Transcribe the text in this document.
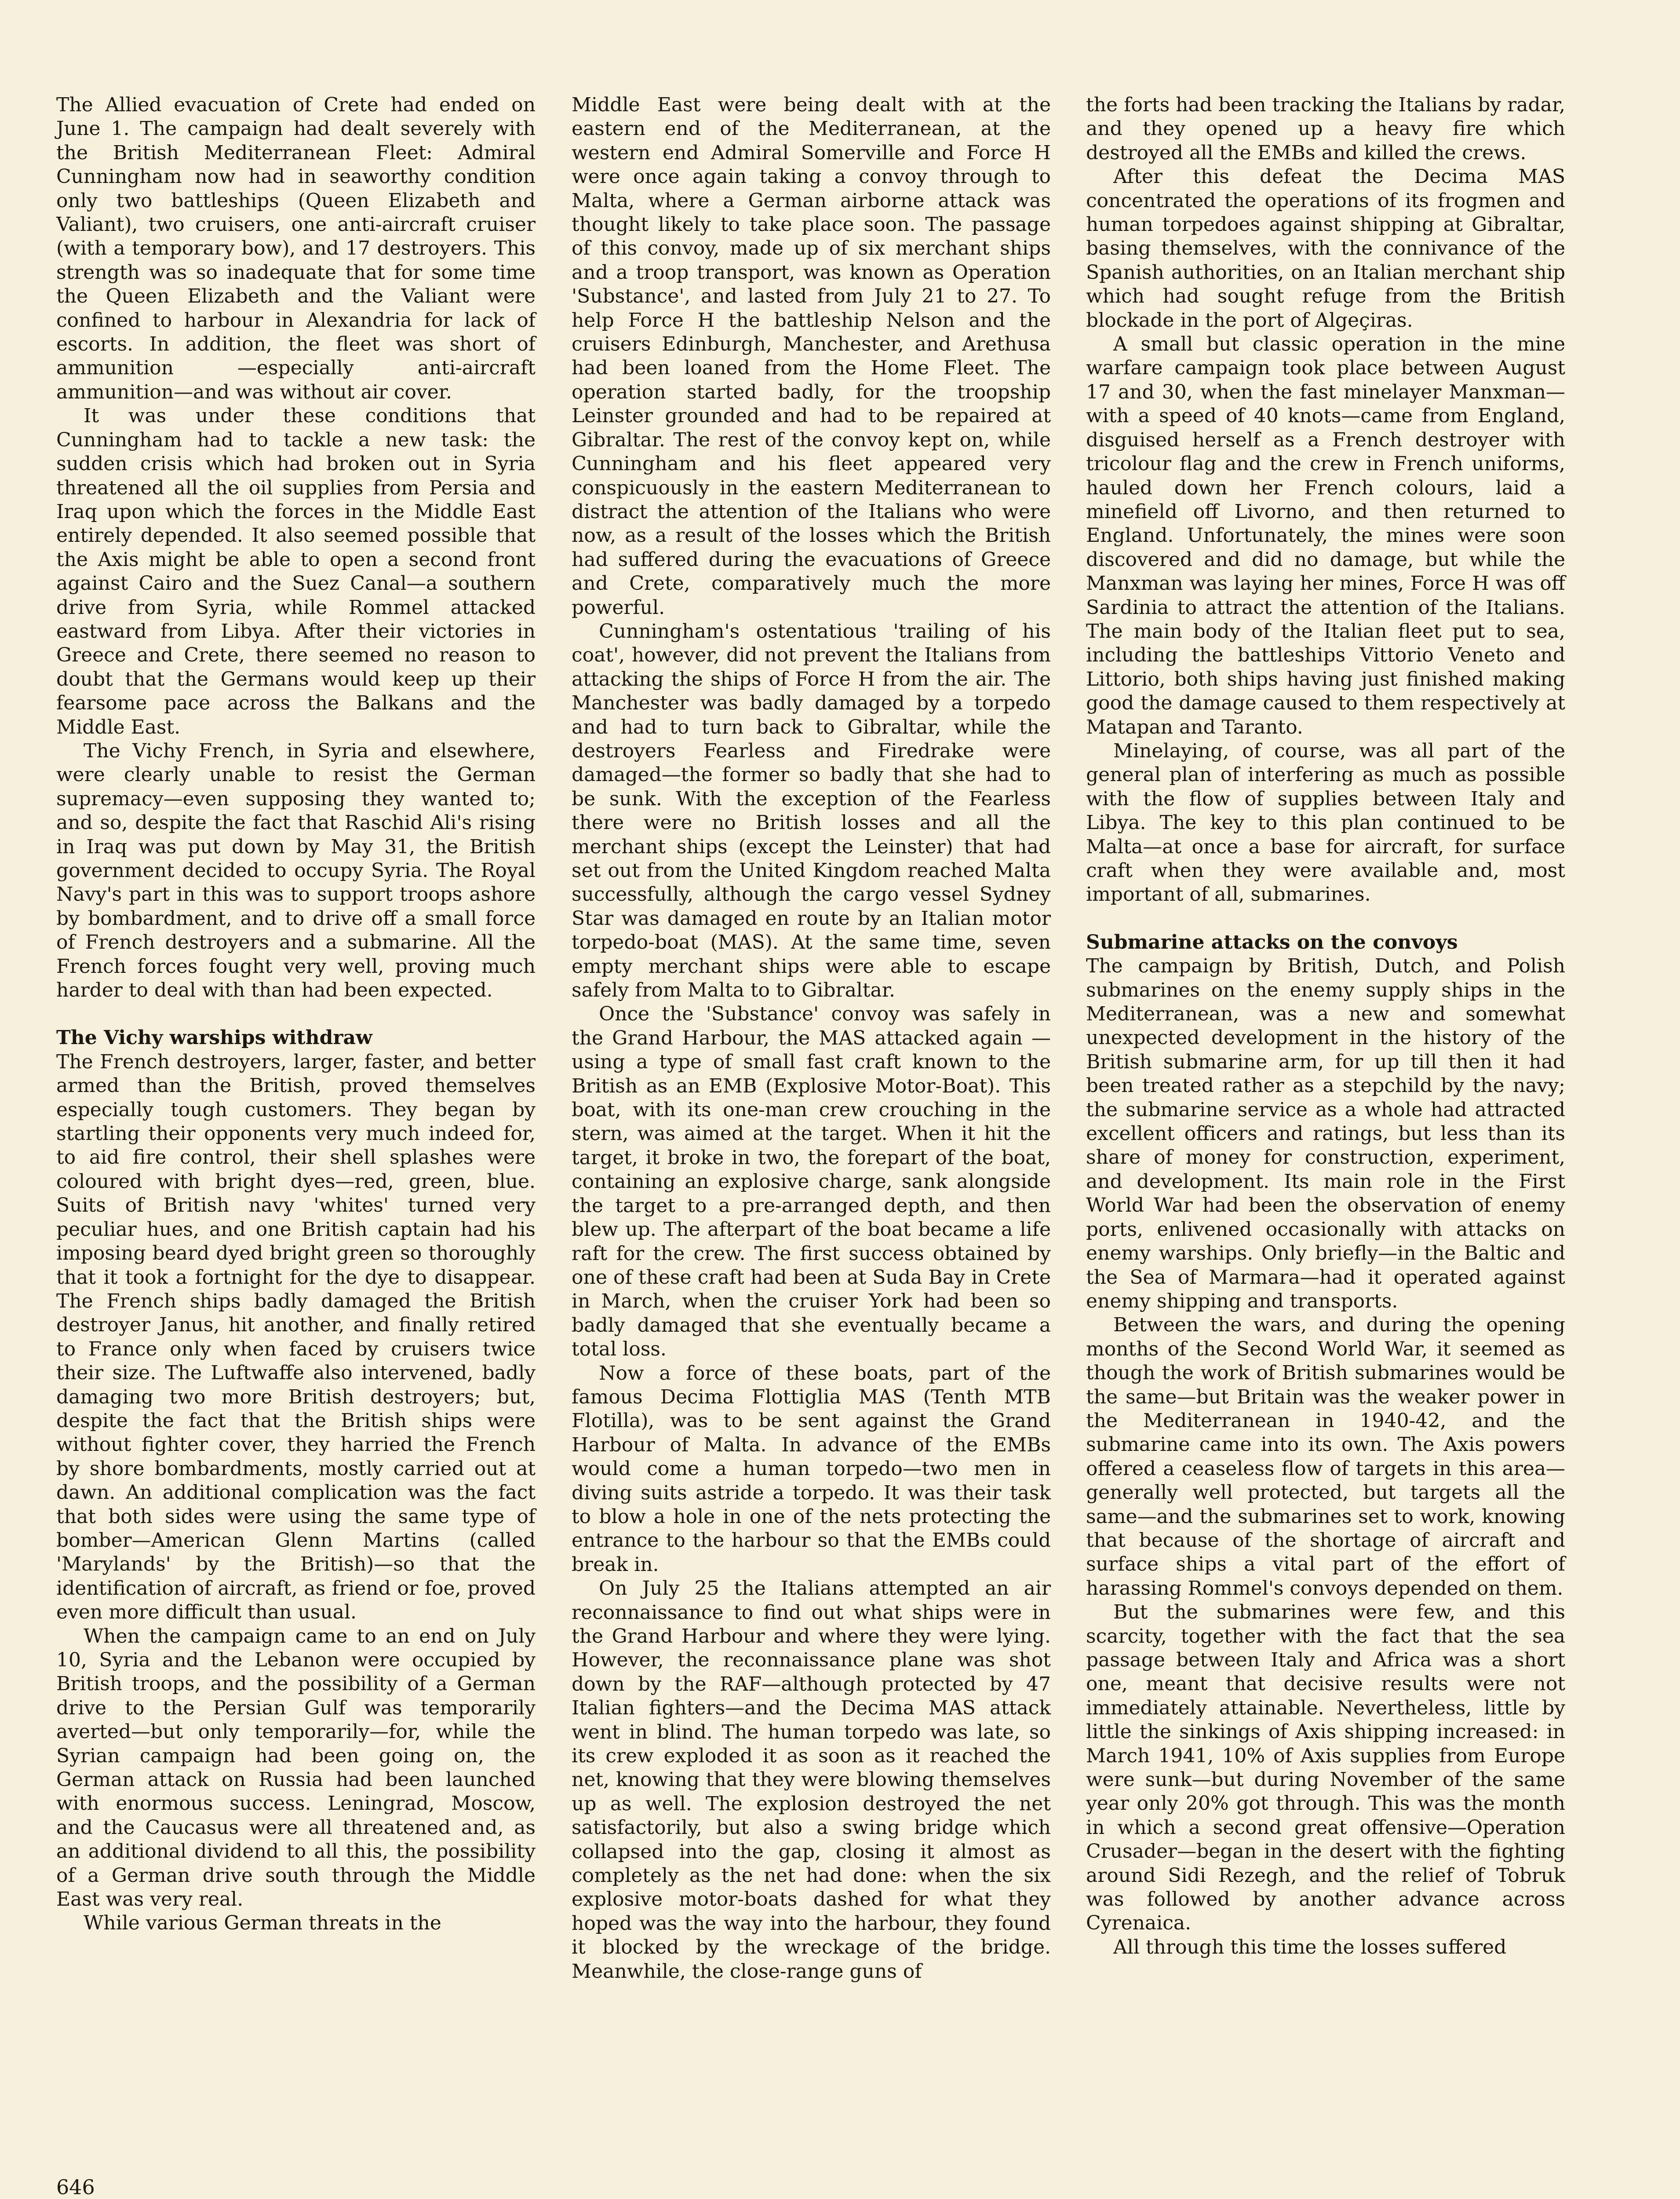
The Allied evacuation of Crete had ended on June 1. The campaign had dealt severely with the British Mediterranean Fleet: Admiral Cunningham now had in seaworthy condition only two battleships (Queen Elizabeth and Valiant), two cruisers, one anti-aircraft cruiser (with a temporary bow), and 17 destroyers. This strength was so inadequate that for some time the Queen Elizabeth and the Valiant were confined to harbour in Alexandria for lack of escorts. In addition, the fleet was short of ammunition —especially anti-aircraft ammunition—and was without air cover.

It was under these conditions that Cunningham had to tackle a new task: the sudden crisis which had broken out in Syria threatened all the oil supplies from Persia and Iraq upon which the forces in the Middle East entirely depended. It also seemed possible that the Axis might be able to open a second front against Cairo and the Suez Canal—a southern drive from Syria, while Rommel attacked eastward from Libya. After their victories in Greece and Crete, there seemed no reason to doubt that the Germans would keep up their fearsome pace across the Balkans and the Middle East.

The Vichy French, in Syria and elsewhere, were clearly unable to resist the German supremacy—even supposing they wanted to; and so, despite the fact that Raschid Ali's rising in Iraq was put down by May 31, the British government decided to occupy Syria. The Royal Navy's part in this was to support troops ashore by bombardment, and to drive off a small force of French destroyers and a submarine. All the French forces fought very well, proving much harder to deal with than had been expected.

The Vichy warships withdraw

The French destroyers, larger, faster, and better armed than the British, proved themselves especially tough customers. They began by startling their opponents very much indeed for, to aid fire control, their shell splashes were coloured with bright dyes—red, green, blue. Suits of British navy 'whites' turned very peculiar hues, and one British captain had his imposing beard dyed bright green so thoroughly that it took a fortnight for the dye to disappear. The French ships badly damaged the British destroyer Janus, hit another, and finally retired to France only when faced by cruisers twice their size. The Luftwaffe also intervened, badly damaging two more British destroyers; but, despite the fact that the British ships were without fighter cover, they harried the French by shore bombardments, mostly carried out at dawn. An additional complication was the fact that both sides were using the same type of bomber—American Glenn Martins (called 'Marylands' by the British)—so that the identification of aircraft, as friend or foe, proved even more difficult than usual.

When the campaign came to an end on July 10, Syria and the Lebanon were occupied by British troops, and the possibility of a German drive to the Persian Gulf was temporarily averted—but only temporarily—for, while the Syrian campaign had been going on, the German attack on Russia had been launched with enormous success. Leningrad, Moscow, and the Caucasus were all threatened and, as an additional dividend to all this, the possibility of a German drive south through the Middle East was very real.

While various German threats in the

Middle East were being dealt with at the eastern end of the Mediterranean, at the western end Admiral Somerville and Force H were once again taking a convoy through to Malta, where a German airborne attack was thought likely to take place soon. The passage of this convoy, made up of six merchant ships and a troop transport, was known as Operation 'Substance', and lasted from July 21 to 27. To help Force H the battleship Nelson and the cruisers Edinburgh, Manchester, and Arethusa had been loaned from the Home Fleet. The operation started badly, for the troopship Leinster grounded and had to be repaired at Gibraltar. The rest of the convoy kept on, while Cunningham and his fleet appeared very conspicuously in the eastern Mediterranean to distract the attention of the Italians who were now, as a result of the losses which the British had suffered during the evacuations of Greece and Crete, comparatively much the more powerful.

Cunningham's ostentatious 'trailing of his coat', however, did not prevent the Italians from attacking the ships of Force H from the air. The Manchester was badly damaged by a torpedo and had to turn back to Gibraltar, while the destroyers Fearless and Firedrake were damaged—the former so badly that she had to be sunk. With the exception of the Fearless there were no British losses and all the merchant ships (except the Leinster) that had set out from the United Kingdom reached Malta successfully, although the cargo vessel Sydney Star was damaged en route by an Italian motor torpedo-boat (MAS). At the same time, seven empty merchant ships were able to escape safely from Malta to to Gibraltar.

Once the 'Substance' convoy was safely in the Grand Harbour, the MAS attacked again —using a type of small fast craft known to the British as an EMB (Explosive Motor-Boat). This boat, with its one-man crew crouching in the stern, was aimed at the target. When it hit the target, it broke in two, the forepart of the boat, containing an explosive charge, sank alongside the target to a pre-arranged depth, and then blew up. The afterpart of the boat became a life raft for the crew. The first success obtained by one of these craft had been at Suda Bay in Crete in March, when the cruiser York had been so badly damaged that she eventually became a total loss.

Now a force of these boats, part of the famous Decima Flottiglia MAS (Tenth MTB Flotilla), was to be sent against the Grand Harbour of Malta. In advance of the EMBs would come a human torpedo—two men in diving suits astride a torpedo. It was their task to blow a hole in one of the nets protecting the entrance to the harbour so that the EMBs could break in.

On July 25 the Italians attempted an air reconnaissance to find out what ships were in the Grand Harbour and where they were lying. However, the reconnaissance plane was shot down by the RAF—although protected by 47 Italian fighters—and the Decima MAS attack went in blind. The human torpedo was late, so its crew exploded it as soon as it reached the net, knowing that they were blowing themselves up as well. The explosion destroyed the net satisfactorily, but also a swing bridge which collapsed into the gap, closing it almost as completely as the net had done: when the six explosive motor-boats dashed for what they hoped was the way into the harbour, they found it blocked by the wreckage of the bridge. Meanwhile, the close-range guns of

the forts had been tracking the Italians by radar, and they opened up a heavy fire which destroyed all the EMBs and killed the crews.

After this defeat the Decima MAS concentrated the operations of its frogmen and human torpedoes against shipping at Gibraltar, basing themselves, with the connivance of the Spanish authorities, on an Italian merchant ship which had sought refuge from the British blockade in the port of Algeçiras.

A small but classic operation in the mine warfare campaign took place between August 17 and 30, when the fast minelayer Manxman—with a speed of 40 knots—came from England, disguised herself as a French destroyer with tricolour flag and the crew in French uniforms, hauled down her French colours, laid a minefield off Livorno, and then returned to England. Unfortunately, the mines were soon discovered and did no damage, but while the Manxman was laying her mines, Force H was off Sardinia to attract the attention of the Italians. The main body of the Italian fleet put to sea, including the battleships Vittorio Veneto and Littorio, both ships having just finished making good the damage caused to them respectively at Matapan and Taranto.

Minelaying, of course, was all part of the general plan of interfering as much as possible with the flow of supplies between Italy and Libya. The key to this plan continued to be Malta—at once a base for aircraft, for surface craft when they were available and, most important of all, submarines.

Submarine attacks on the convoys

The campaign by British, Dutch, and Polish submarines on the enemy supply ships in the Mediterranean, was a new and somewhat unexpected development in the history of the British submarine arm, for up till then it had been treated rather as a stepchild by the navy; the submarine service as a whole had attracted excellent officers and ratings, but less than its share of money for construction, experiment, and development. Its main role in the First World War had been the observation of enemy ports, enlivened occasionally with attacks on enemy warships. Only briefly—in the Baltic and the Sea of Marmara—had it operated against enemy shipping and transports.

Between the wars, and during the opening months of the Second World War, it seemed as though the work of British submarines would be the same—but Britain was the weaker power in the Mediterranean in 1940-42, and the submarine came into its own. The Axis powers offered a ceaseless flow of targets in this area—generally well protected, but targets all the same—and the submarines set to work, knowing that because of the shortage of aircraft and surface ships a vital part of the effort of harassing Rommel's convoys depended on them.

But the submarines were few, and this scarcity, together with the fact that the sea passage between Italy and Africa was a short one, meant that decisive results were not immediately attainable. Nevertheless, little by little the sinkings of Axis shipping increased: in March 1941, 10% of Axis supplies from Europe were sunk—but during November of the same year only 20% got through. This was the month in which a second great offensive—Operation Crusader—began in the desert with the fighting around Sidi Rezegh, and the relief of Tobruk was followed by another advance across Cyrenaica.

All through this time the losses suffered

646
